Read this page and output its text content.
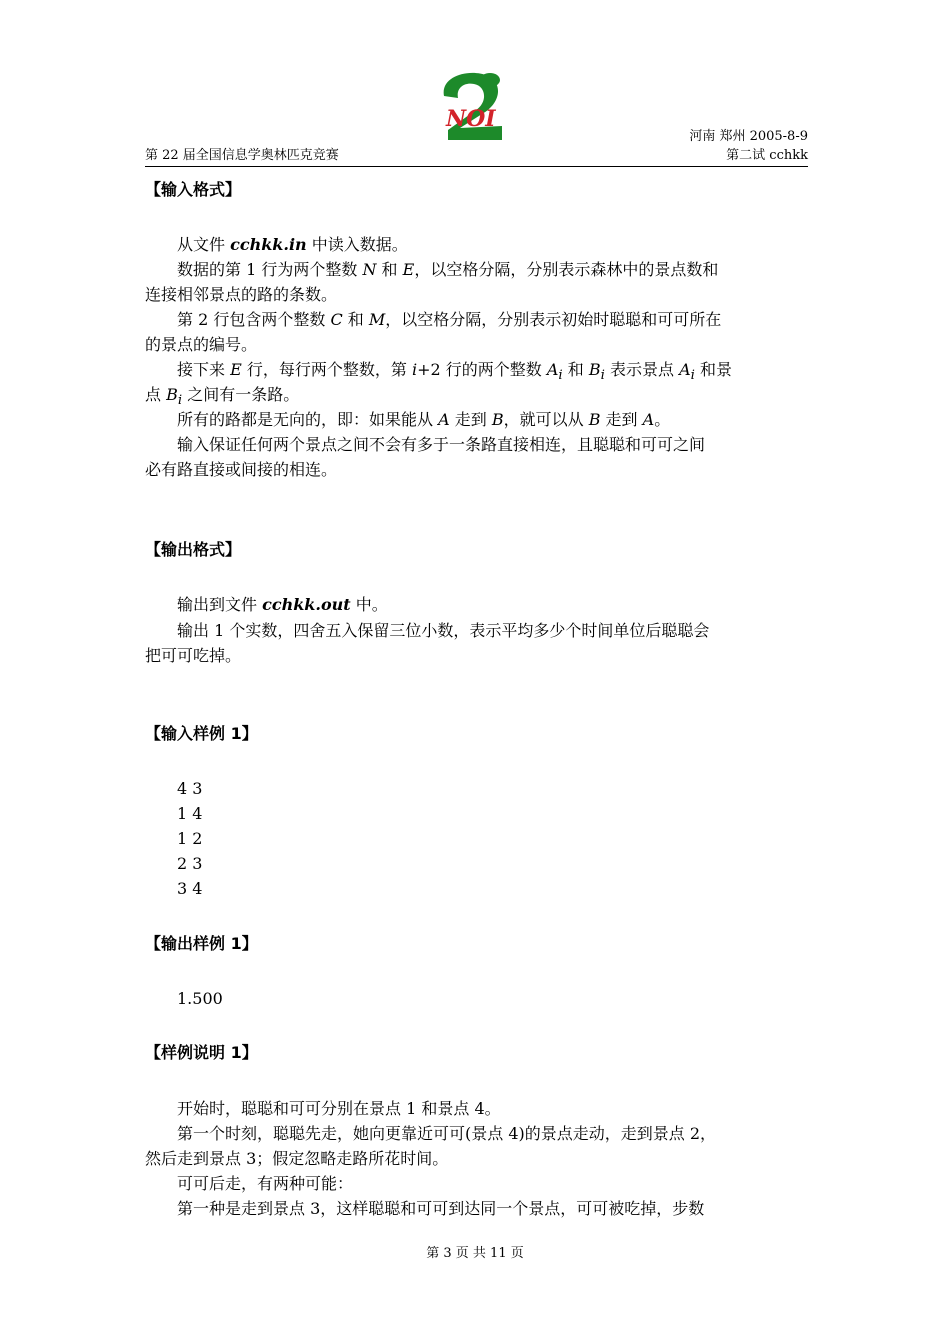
NOI
河南 郑州 2005-8-9
第 22 届全国信息学奥林匹克竞赛	第二试 cchkk
【输入格式】
从文件 cchkk.in 中读入数据。
数据的第 1 行为两个整数 N 和 E，以空格分隔，分别表示森林中的景点数和
连接相邻景点的路的条数。
第 2 行包含两个整数 C 和 M，以空格分隔，分别表示初始时聪聪和可可所在
的景点的编号。
接下来 E 行，每行两个整数，第 i+2 行的两个整数 $A_i$ 和 $B_i$ 表示景点 $A_i$ 和景
点 $B_i$ 之间有一条路。
所有的路都是无向的，即：如果能从 A 走到 B，就可以从 B 走到 A。
输入保证任何两个景点之间不会有多于一条路直接相连，且聪聪和可可之间
必有路直接或间接的相连。
【输出格式】
输出到文件 cchkk.out 中。
输出 1 个实数，四舍五入保留三位小数，表示平均多少个时间单位后聪聪会
把可可吃掉。
【输入样例 1】
4 3
1 4
1 2
2 3
3 4
【输出样例 1】
1.500
【样例说明 1】
开始时，聪聪和可可分别在景点 1 和景点 4。
第一个时刻，聪聪先走，她向更靠近可可(景点 4)的景点走动，走到景点 2，
然后走到景点 3；假定忽略走路所花时间。
可可后走，有两种可能：
第一种是走到景点 3，这样聪聪和可可到达同一个景点，可可被吃掉，步数
第 3 页 共 11 页
